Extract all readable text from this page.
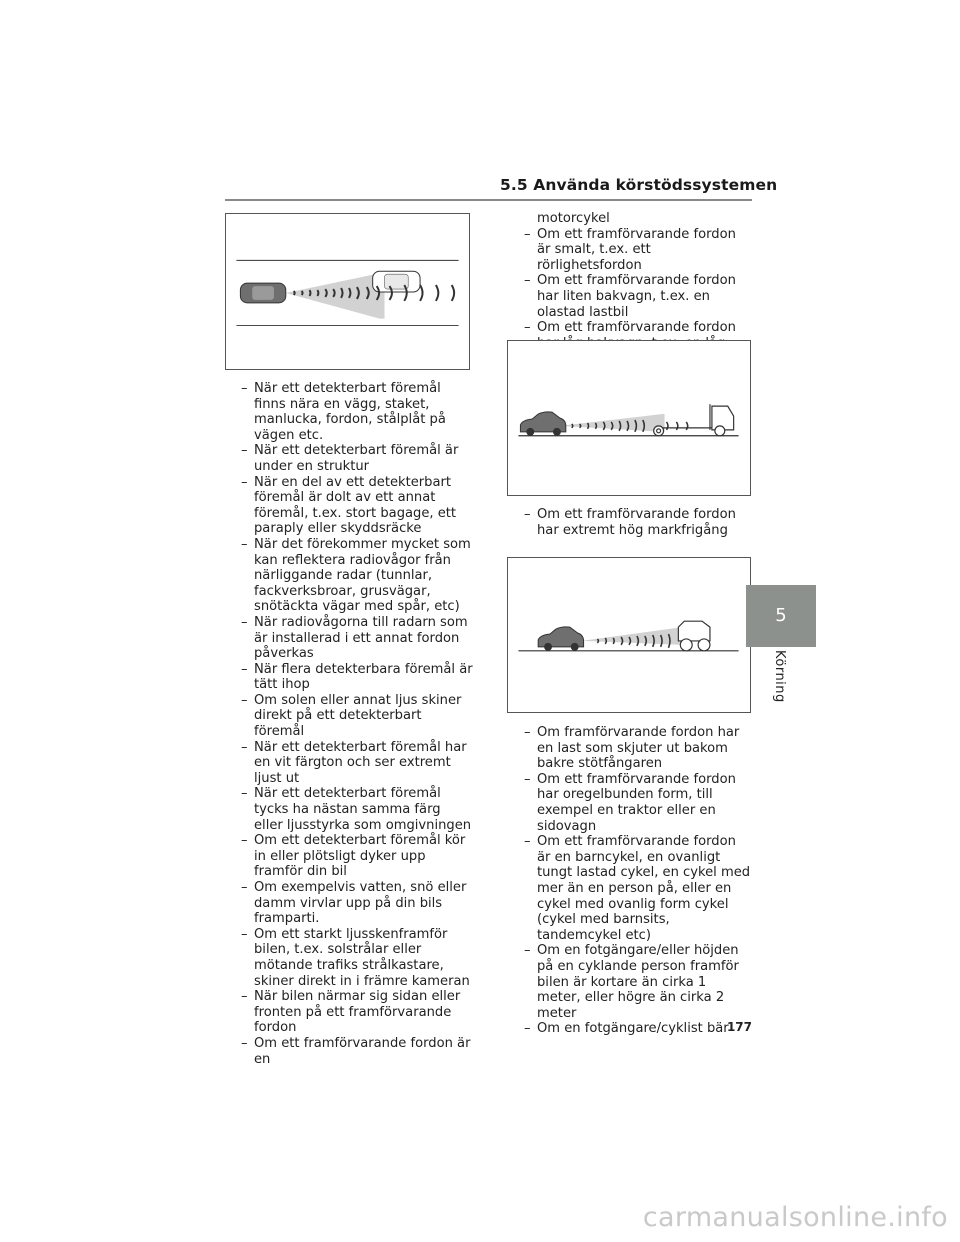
5.5 Använda körstödssystemen
– När ett detekterbart föremål finns nära en vägg, staket, manlucka, fordon, stålplåt på vägen etc.
– När ett detekterbart föremål är under en struktur
– När en del av ett detekterbart föremål är dolt av ett annat föremål, t.ex. stort bagage, ett paraply eller skyddsräcke
– När det förekommer mycket som kan reflektera radiovågor från närliggande radar (tunnlar, fackverksbroar, grusvägar, snötäckta vägar med spår, etc)
– När radiovågorna till radarn som är installerad i ett annat fordon påverkas
– När flera detekterbara föremål är tätt ihop
– Om solen eller annat ljus skiner direkt på ett detekterbart föremål
– När ett detekterbart föremål har en vit färgton och ser extremt ljust ut
– När ett detekterbart föremål tycks ha nästan samma färg eller ljusstyrka som omgivningen
– Om ett detekterbart föremål kör in eller plötsligt dyker upp framför din bil
– Om exempelvis vatten, snö eller damm virvlar upp på din bils framparti.
– Om ett starkt ljusskenframför bilen, t.ex. solstrålar eller mötande trafiks strålkastare, skiner direkt in i främre kameran
– När bilen närmar sig sidan eller fronten på ett framförvarande fordon
– Om ett framförvarande fordon är en
motorcykel
– Om ett framförvarande fordon är smalt, t.ex. ett rörlighetsfordon
– Om ett framförvarande fordon har liten bakvagn, t.ex. en olastad lastbil
– Om ett framförvarande fordon
– Om ett framförvarande fordon har extremt hög markfrigång
– Om framförvarande fordon har en last som skjuter ut bakom bakre stötfångaren
– Om ett framförvarande fordon har oregelbunden form, till exempel en traktor eller en sidovagn
– Om ett framförvarande fordon är en barncykel, en ovanligt tungt lastad cykel, en cykel med mer än en person på, eller en cykel med ovanlig form cykel (cykel med barnsits, tandemcykel etc)
– Om en fotgängare/eller höjden på en cyklande person framför bilen är kortare än cirka 1 meter, eller högre än cirka 2 meter
– Om en fotgängare/cyklist bär
5
Körning
177
carmanualsonline.info
